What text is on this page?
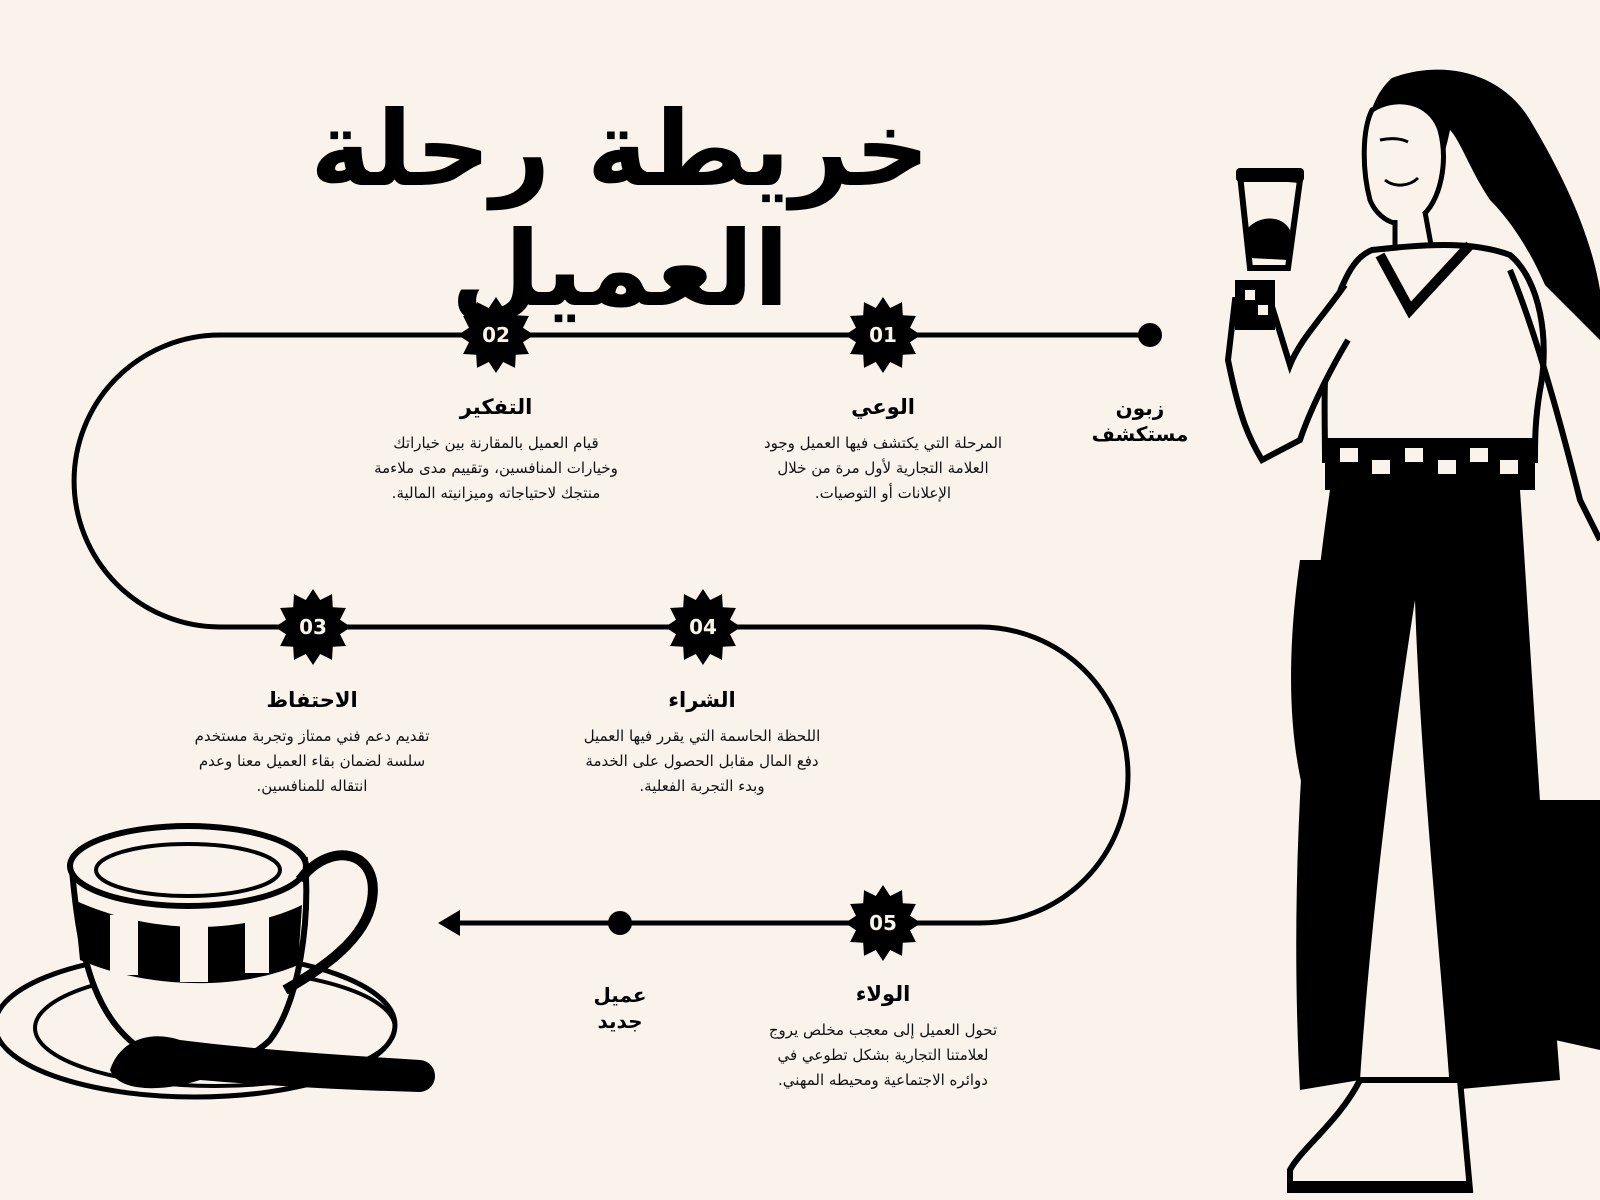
01
02
03	04
05
خريطة رحلة العميل
زبون
مستكشف
عميل
جديد
الوعي
المرحلة التي يكتشف فيها العميل وجود
العلامة التجارية لأول مرة من خلال
الإعلانات أو التوصيات.
التفكير
قيام العميل بالمقارنة بين خياراتك
وخيارات المنافسين، وتقييم مدى ملاءمة
منتجك لاحتياجاته وميزانيته المالية.
الاحتفاظ
تقديم دعم فني ممتاز وتجربة مستخدم
سلسة لضمان بقاء العميل معنا وعدم
انتقاله للمنافسين.
الشراء
اللحظة الحاسمة التي يقرر فيها العميل
دفع المال مقابل الحصول على الخدمة
وبدء التجربة الفعلية.
الولاء
تحول العميل إلى معجب مخلص يروج
لعلامتنا التجارية بشكل تطوعي في
دوائره الاجتماعية ومحيطه المهني.
